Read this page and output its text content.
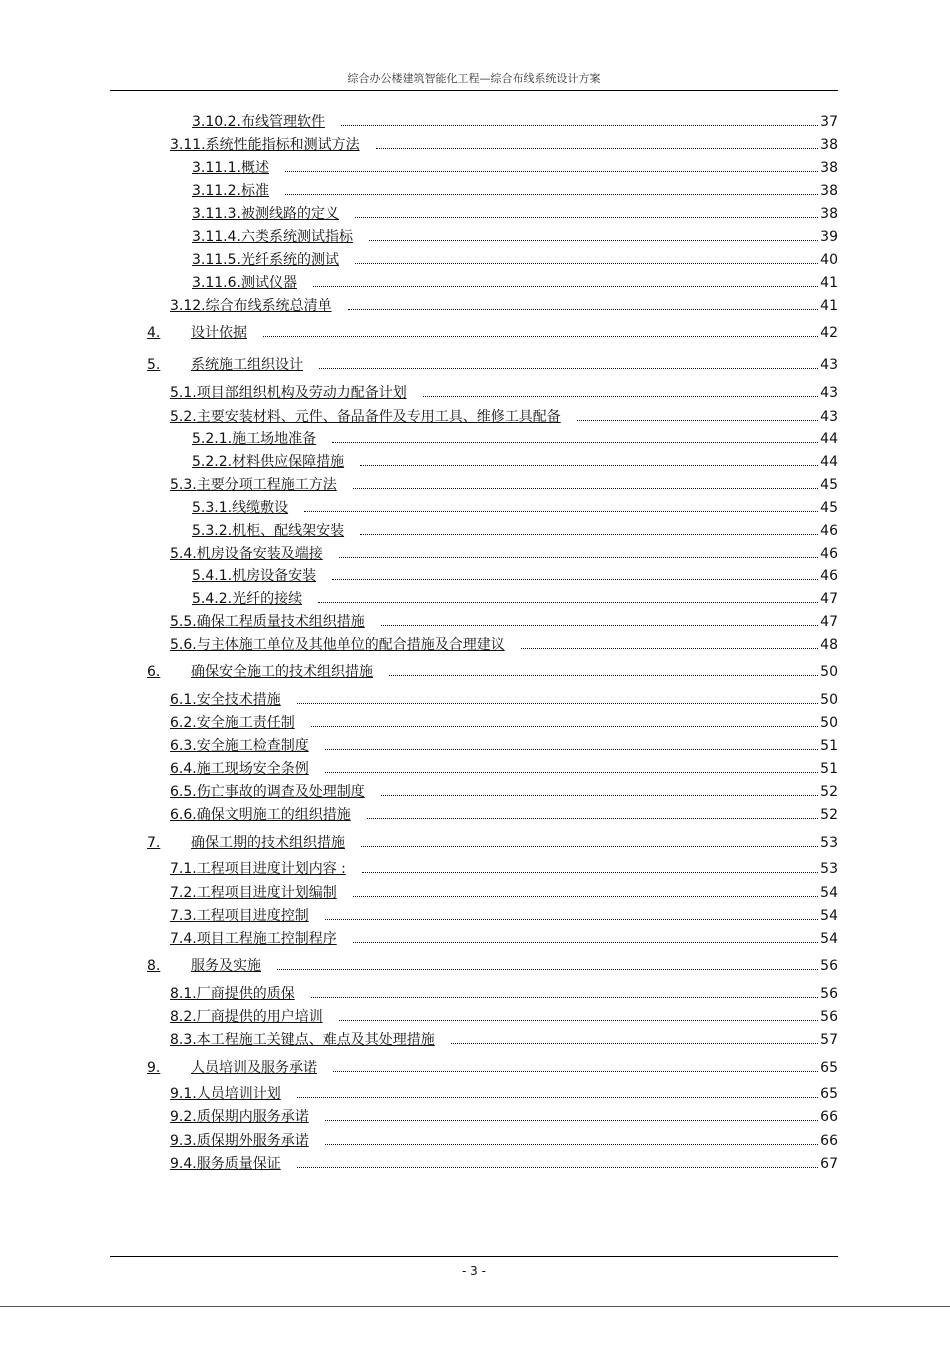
综合办公楼建筑智能化工程—综合布线系统设计方案
3.10.2. 布线管理软件	37
3.11. 系统性能指标和测试方法	38
3.11.1. 概述	38
3.11.2. 标准	38
3.11.3. 被测线路的定义	38
3.11.4. 六类系统测试指标	39
3.11.5. 光纤系统的测试	40
3.11.6. 测试仪器	41
3.12. 综合布线系统总清单	41
4.	设计依据	42
5.	系统施工组织设计	43
5.1. 项目部组织机构及劳动力配备计划	43
5.2. 主要安装材料、元件、备品备件及专用工具、维修工具配备	43
5.2.1. 施工场地准备	44
5.2.2. 材料供应保障措施	44
5.3. 主要分项工程施工方法	45
5.3.1. 线缆敷设	45
5.3.2. 机柜、配线架安装	46
5.4. 机房设备安装及端接	46
5.4.1. 机房设备安装	46
5.4.2. 光纤的接续	47
5.5. 确保工程质量技术组织措施	47
5.6. 与主体施工单位及其他单位的配合措施及合理建议	48
6.	确保安全施工的技术组织措施	50
6.1. 安全技术措施	50
6.2. 安全施工责任制	50
6.3. 安全施工检查制度	51
6.4. 施工现场安全条例	51
6.5. 伤亡事故的调查及处理制度	52
6.6. 确保文明施工的组织措施	52
7.	确保工期的技术组织措施	53
7.1. 工程项目进度计划内容 :	53
7.2. 工程项目进度计划编制	54
7.3. 工程项目进度控制	54
7.4. 项目工程施工控制程序	54
8.	服务及实施	56
8.1. 厂商提供的质保	56
8.2. 厂商提供的用户培训	56
8.3. 本工程施工关键点、难点及其处理措施	57
9.	人员培训及服务承诺	65
9.1. 人员培训计划	65
9.2. 质保期内服务承诺	66
9.3. 质保期外服务承诺	66
9.4. 服务质量保证	67
- 3 -
